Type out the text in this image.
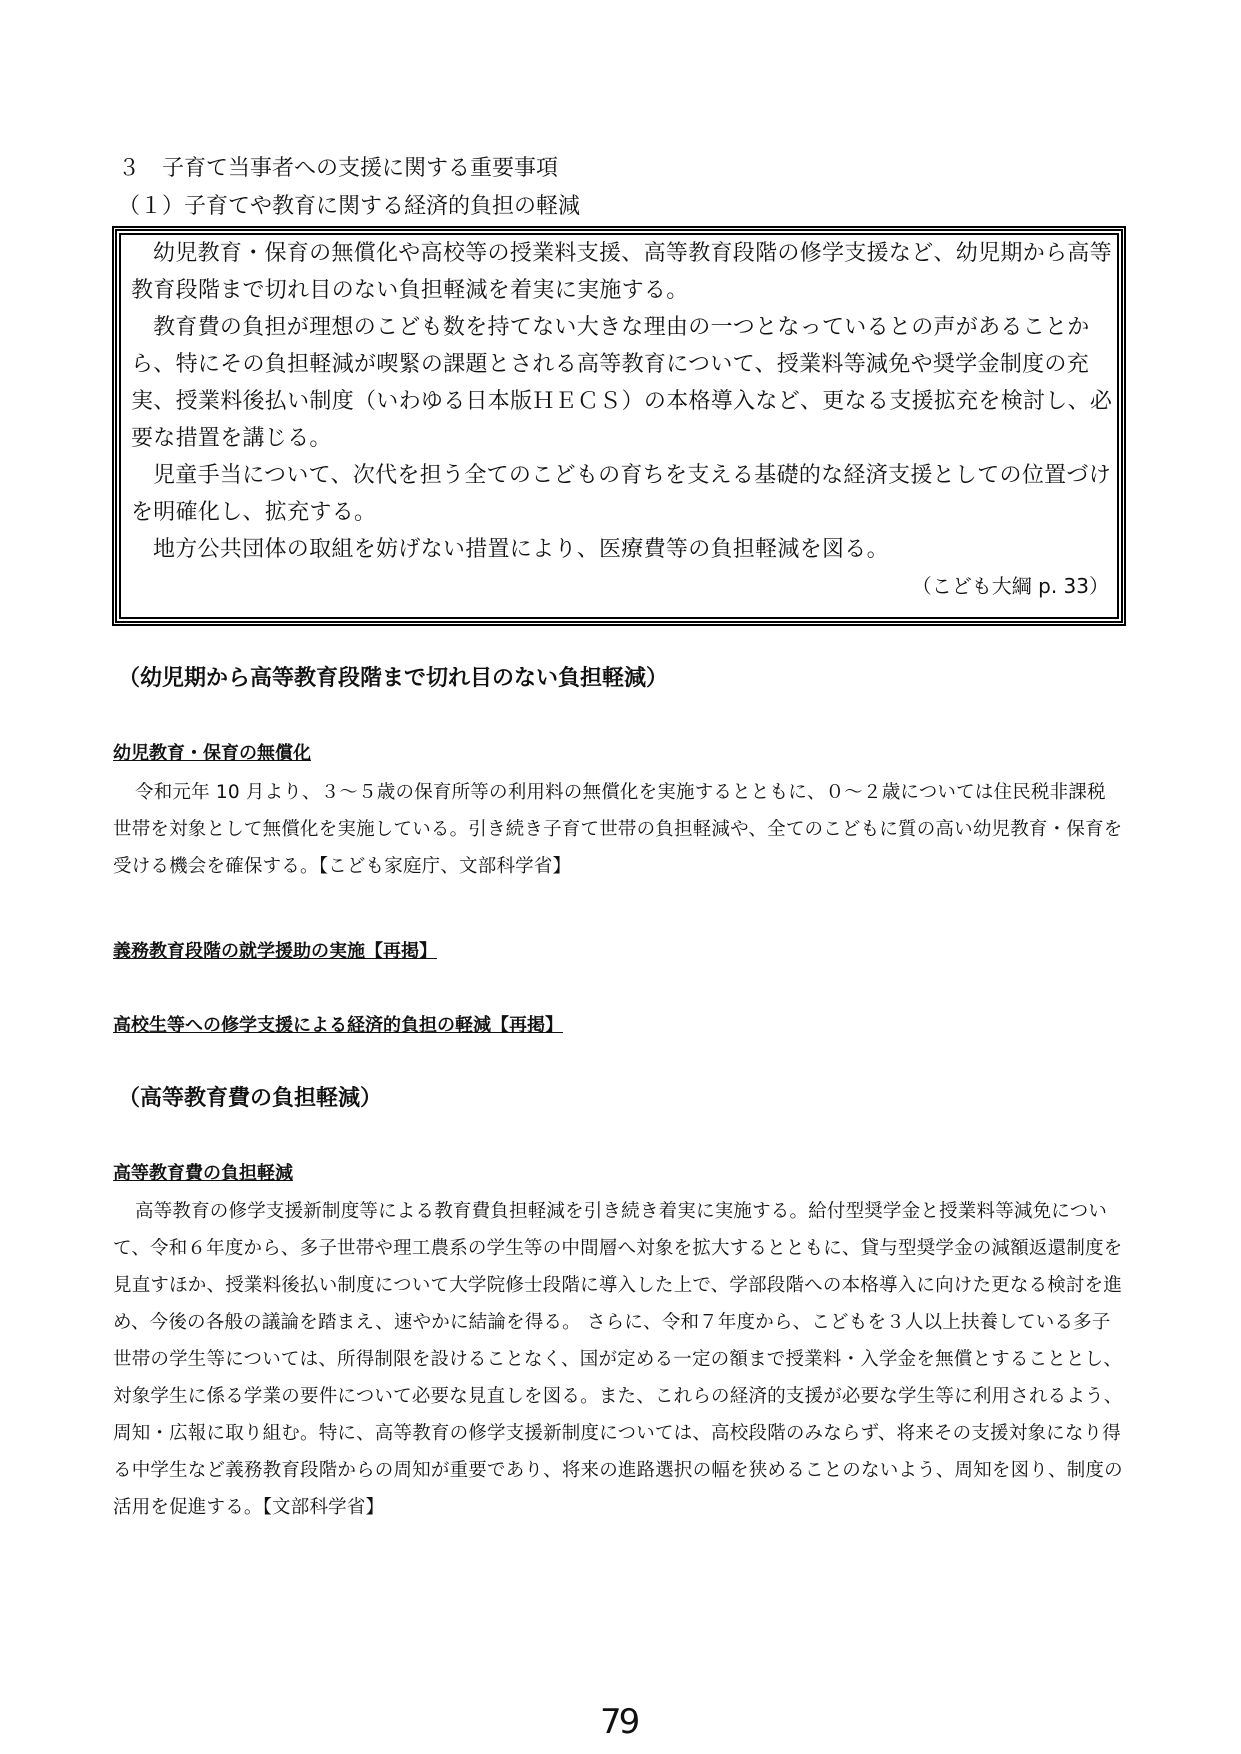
３　子育て当事者への支援に関する重要事項
（１）子育てや教育に関する経済的負担の軽減

幼児教育・保育の無償化や高校等の授業料支援、高等教育段階の修学支援など、幼児期から高等教育段階まで切れ目のない負担軽減を着実に実施する。

教育費の負担が理想のこども数を持てない大きな理由の一つとなっているとの声があることから、特にその負担軽減が喫緊の課題とされる高等教育について、授業料等減免や奨学金制度の充実、授業料後払い制度（いわゆる日本版ＨＥＣＳ）の本格導入など、更なる支援拡充を検討し、必要な措置を講じる。

児童手当について、次代を担う全てのこどもの育ちを支える基礎的な経済支援としての位置づけを明確化し、拡充する。

地方公共団体の取組を妨げない措置により、医療費等の負担軽減を図る。

（こども大綱 p. 33）

（幼児期から高等教育段階まで切れ目のない負担軽減）
幼児教育・保育の無償化

令和元年 10 月より、３～５歳の保育所等の利用料の無償化を実施するとともに、０～２歳については住民税非課税世帯を対象として無償化を実施している。引き続き子育て世帯の負担軽減や、全てのこどもに質の高い幼児教育・保育を受ける機会を確保する。【こども家庭庁、文部科学省】

義務教育段階の就学援助の実施【再掲】
高校生等への修学支援による経済的負担の軽減【再掲】
（高等教育費の負担軽減）
高等教育費の負担軽減

高等教育の修学支援新制度等による教育費負担軽減を引き続き着実に実施する。給付型奨学金と授業料等減免について、令和６年度から、多子世帯や理工農系の学生等の中間層へ対象を拡大するとともに、貸与型奨学金の減額返還制度を見直すほか、授業料後払い制度について大学院修士段階に導入した上で、学部段階への本格導入に向けた更なる検討を進め、今後の各般の議論を踏まえ、速やかに結論を得る。 さらに、令和７年度から、こどもを３人以上扶養している多子世帯の学生等については、所得制限を設けることなく、国が定める一定の額まで授業料・入学金を無償とすることとし、対象学生に係る学業の要件について必要な見直しを図る。また、これらの経済的支援が必要な学生等に利用されるよう、周知・広報に取り組む。特に、高等教育の修学支援新制度については、高校段階のみならず、将来その支援対象になり得る中学生など義務教育段階からの周知が重要であり、将来の進路選択の幅を狭めることのないよう、周知を図り、制度の活用を促進する。【文部科学省】

79
